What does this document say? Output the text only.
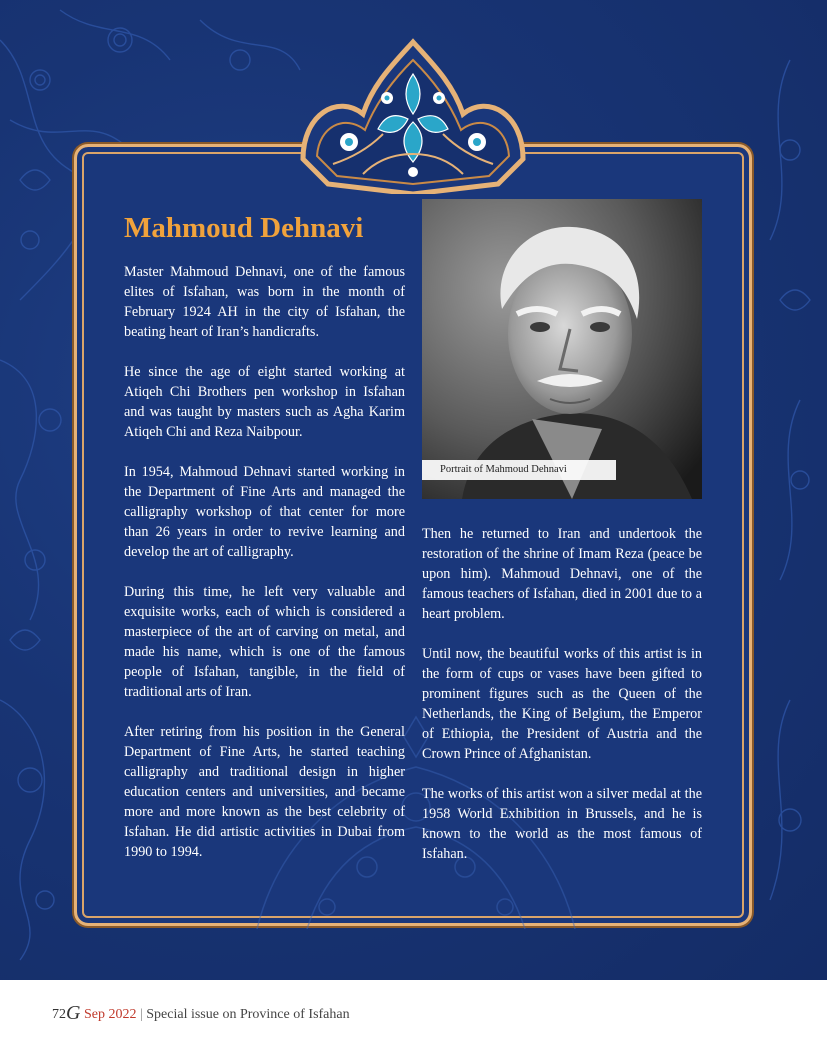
Mahmoud Dehnavi

Master Mahmoud Dehnavi, one of the famous elites of Isfahan, was born in the month of February 1924 AH in the city of Isfahan, the beating heart of Iran’s handicrafts.

He since the age of eight started working at Atiqeh Chi Brothers pen workshop in Isfahan and was taught by masters such as Agha Karim Atiqeh Chi and Reza Naibpour.

In 1954, Mahmoud Dehnavi started working in the Department of Fine Arts and managed the calligraphy workshop of that center for more than 26 years in order to revive learning and develop the art of calligraphy.

During this time, he left very valuable and exquisite works, each of which is considered a masterpiece of the art of carving on metal, and made his name, which is one of the famous people of Isfahan, tangible, in the field of traditional arts of Iran.

After retiring from his position in the General Department of Fine Arts, he started teaching calligraphy and traditional design in higher education centers and universities, and became more and more known as the best celebrity of Isfahan. He did artistic activities in Dubai from 1990 to 1994.

Portrait of Mahmoud Dehnavi

Then he returned to Iran and undertook the restoration of the shrine of Imam Reza (peace be upon him). Mahmoud Dehnavi, one of the famous teachers of Isfahan, died in 2001 due to a heart problem.

Until now, the beautiful works of this artist is in the form of cups or vases have been gifted to prominent figures such as the Queen of the Netherlands, the King of Belgium, the Emperor of Ethiopia, the President of Austria and the Crown Prince of Afghanistan.

The works of this artist won a silver medal at the 1958 World Exhibition in Brussels, and he is known to the world as the most famous of Isfahan.

72G Sep 2022 | Special issue on Province of Isfahan
